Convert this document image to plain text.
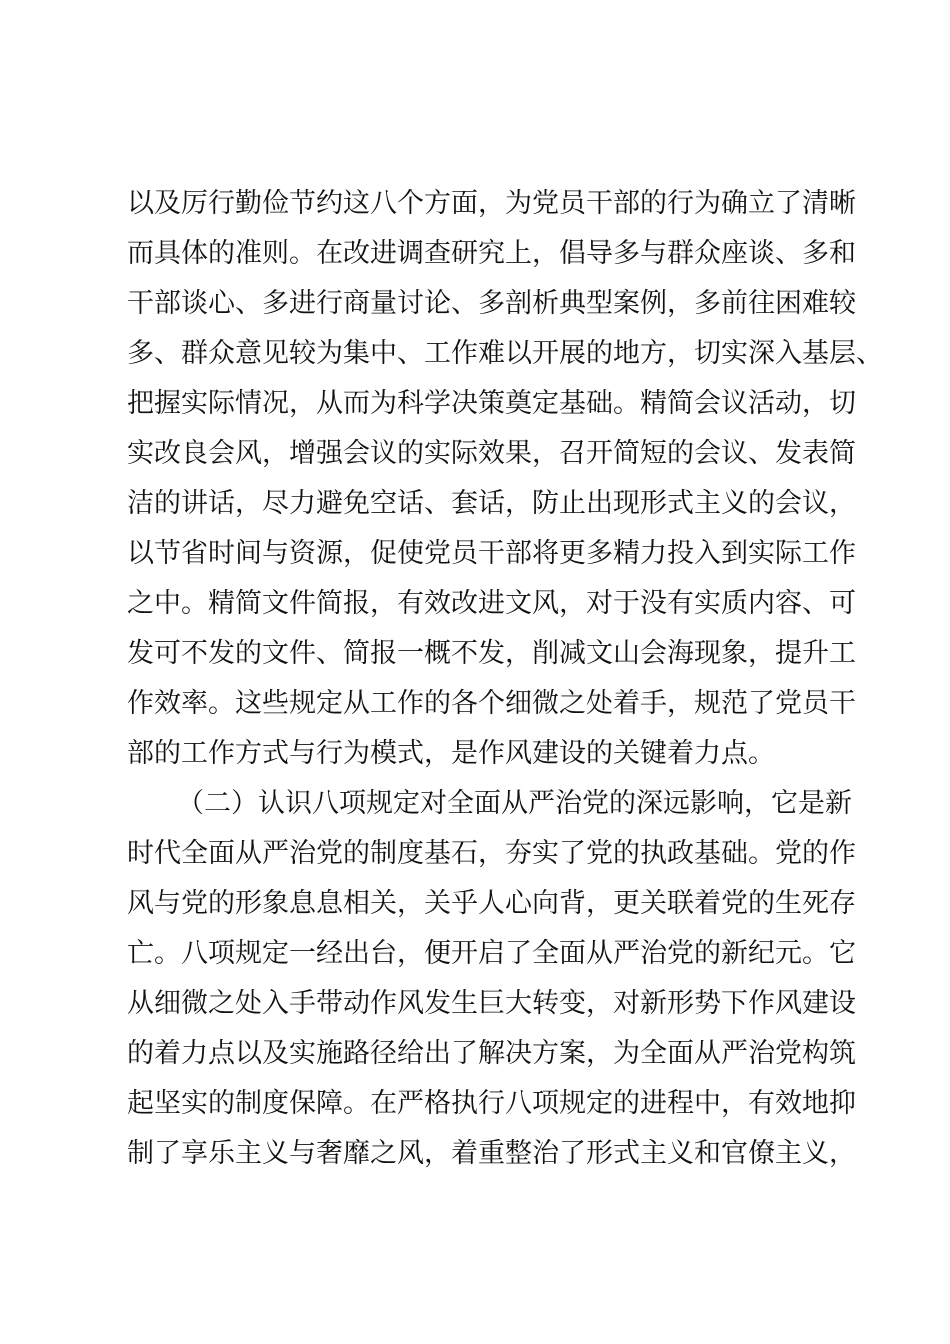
以及厉行勤俭节约这八个方面，为党员干部的行为确立了清晰
而具体的准则。在改进调查研究上，倡导多与群众座谈、多和
干部谈心、多进行商量讨论、多剖析典型案例，多前往困难较
多、群众意见较为集中、工作难以开展的地方，切实深入基层、
把握实际情况，从而为科学决策奠定基础。精简会议活动，切
实改良会风，增强会议的实际效果，召开简短的会议、发表简
洁的讲话，尽力避免空话、套话，防止出现形式主义的会议，
以节省时间与资源，促使党员干部将更多精力投入到实际工作
之中。精简文件简报，有效改进文风，对于没有实质内容、可
发可不发的文件、简报一概不发，削减文山会海现象，提升工
作效率。这些规定从工作的各个细微之处着手，规范了党员干
部的工作方式与行为模式，是作风建设的关键着力点。
（二）认识八项规定对全面从严治党的深远影响，它是新
时代全面从严治党的制度基石，夯实了党的执政基础。党的作
风与党的形象息息相关，关乎人心向背，更关联着党的生死存
亡。八项规定一经出台，便开启了全面从严治党的新纪元。它
从细微之处入手带动作风发生巨大转变，对新形势下作风建设
的着力点以及实施路径给出了解决方案，为全面从严治党构筑
起坚实的制度保障。在严格执行八项规定的进程中，有效地抑
制了享乐主义与奢靡之风，着重整治了形式主义和官僚主义，
